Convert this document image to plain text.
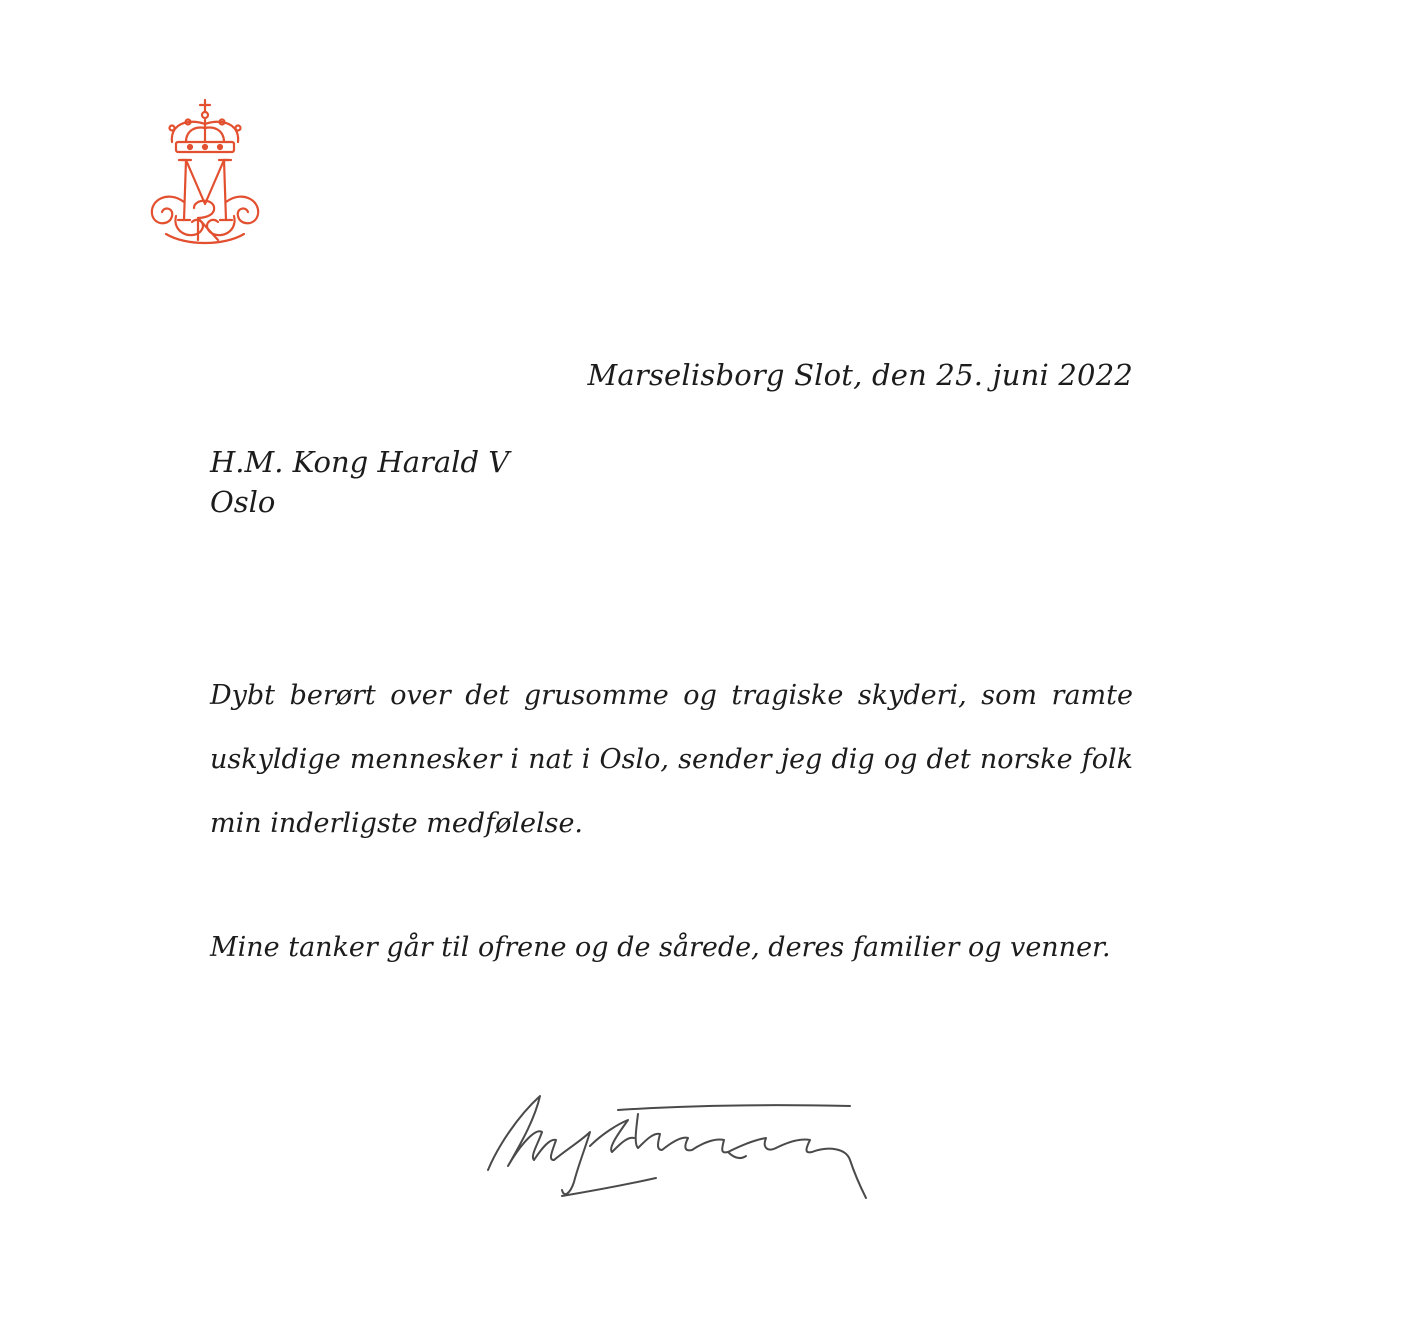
Marselisborg Slot, den 25. juni 2022
H.M. Kong Harald V
Oslo

Dybt berørt over det grusomme og tragiske skyderi, som ramte uskyldige mennesker i nat i Oslo, sender jeg dig og det norske folk min inderligste medfølelse.

Mine tanker går til ofrene og de sårede, deres familier og venner.
